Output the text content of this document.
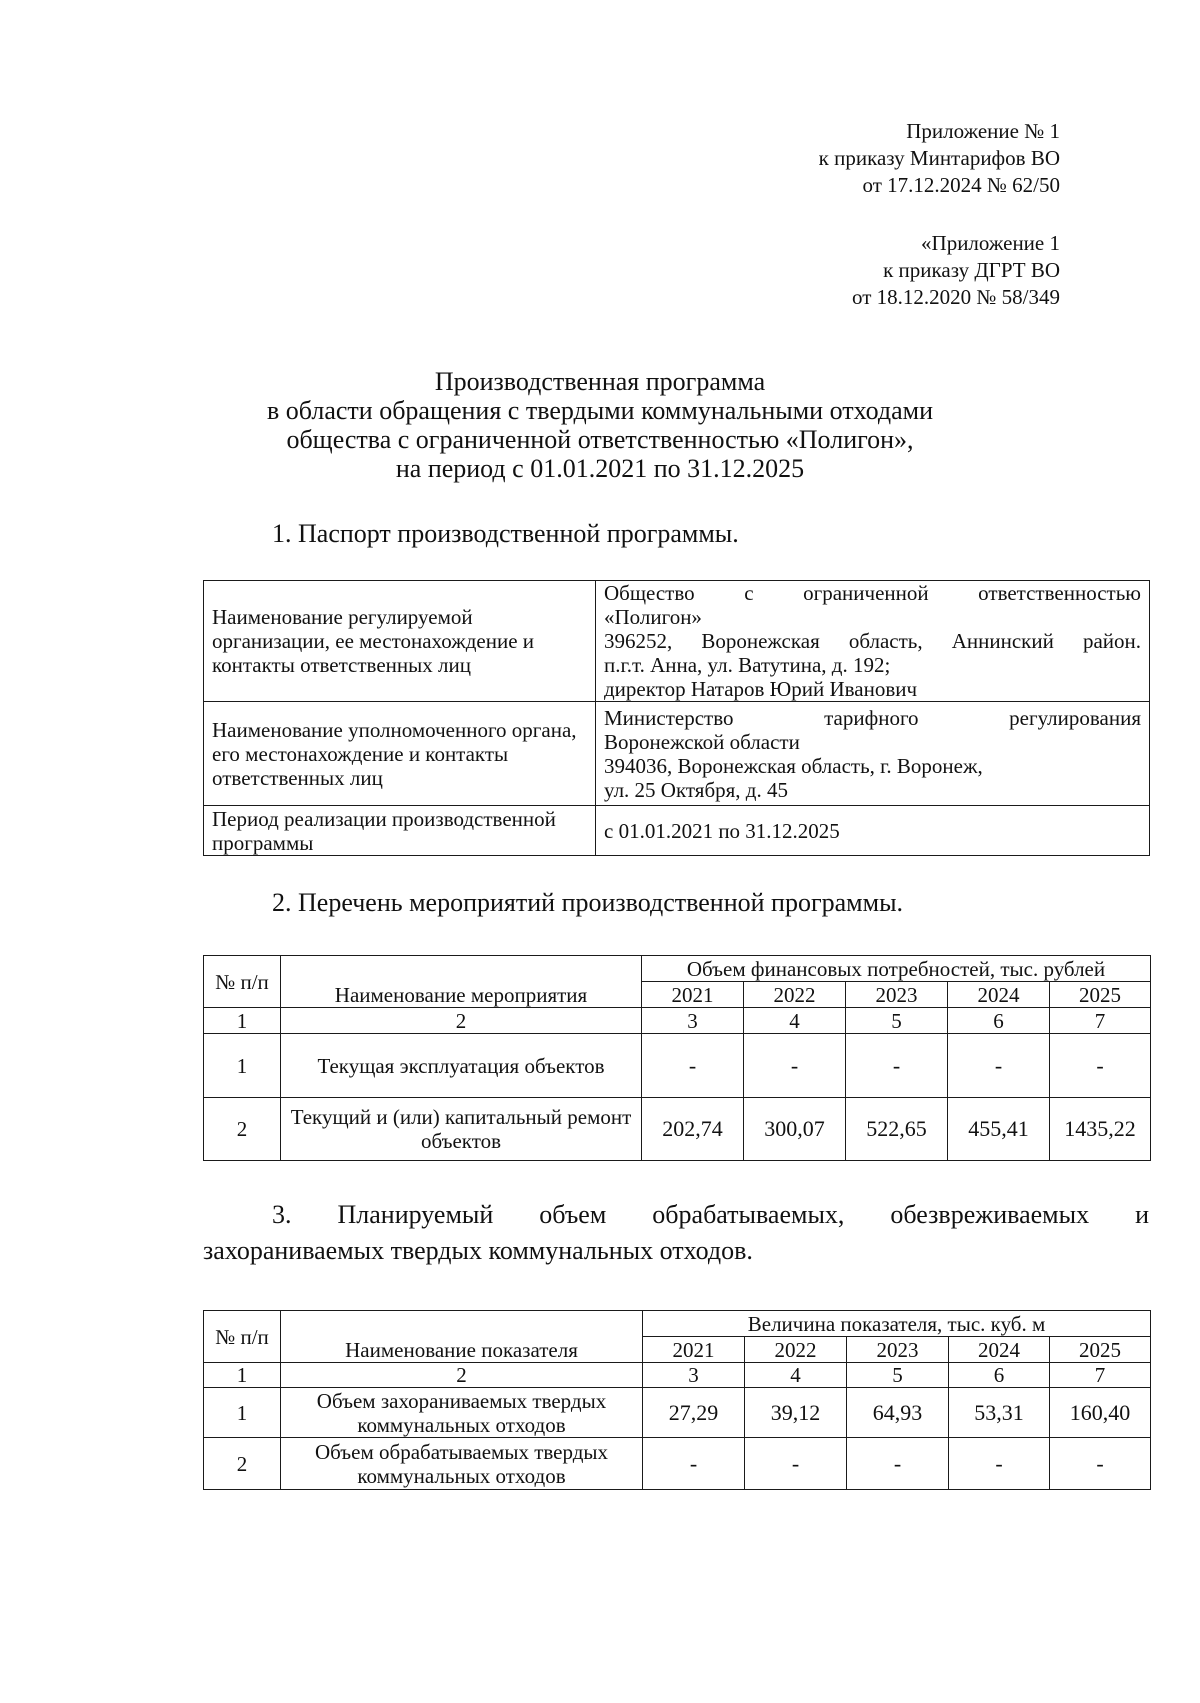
Приложение № 1
к приказу Минтарифов ВО
от 17.12.2024 № 62/50
«Приложение 1
к приказу ДГРТ ВО
от 18.12.2020 № 58/349
Производственная программа
в области обращения с твердыми коммунальными отходами
общества с ограниченной ответственностью «Полигон»,
на период с 01.01.2021 по 31.12.2025
1. Паспорт производственной программы.
Наименование регулируемой организации, ее местонахождение и контакты ответственных лиц	Общество с ограниченной ответственностью
«Полигон»
396252, Воронежская область, Аннинский район.
п.г.т. Анна, ул. Ватутина, д. 192;
директор Натаров Юрий Иванович

Наименование уполномоченного органа, его местонахождение и контакты ответственных лиц	Министерство тарифного регулирования
Воронежской области
394036, Воронежская область, г. Воронеж,
ул. 25 Октября, д. 45

Период реализации производственной программы	с 01.01.2021 по 31.12.2025
2. Перечень мероприятий производственной программы.
№ п/п	Наименование мероприятия	Объем финансовых потребностей, тыс. рублей				
		2021	2022	2023	2024	2025
1	2	3	4	5	6	7
1	Текущая эксплуатация объектов	-	-	-	-	-
2	Текущий и (или) капитальный ремонт объектов	202,74	300,07	522,65	455,41	1435,22
3. Планируемый объем обрабатываемых, обезвреживаемых и
захораниваемых твердых коммунальных отходов.
№ п/п	Наименование показателя	Величина показателя, тыс. куб. м				
		2021	2022	2023	2024	2025
1	2	3	4	5	6	7
1	Объем захораниваемых твердых коммунальных отходов	27,29	39,12	64,93	53,31	160,40
2	Объем обрабатываемых твердых коммунальных отходов	-	-	-	-	-
